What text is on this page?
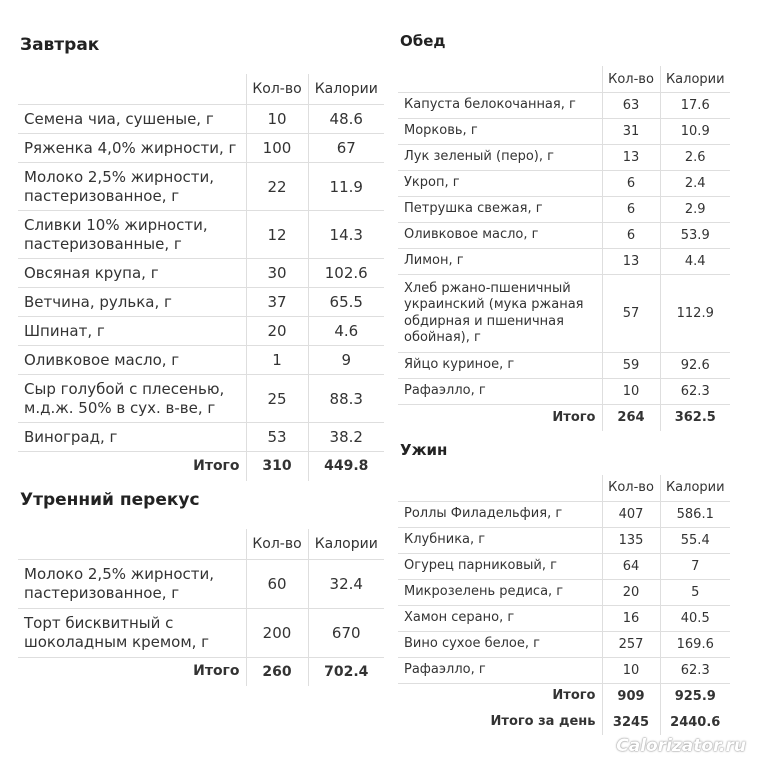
Завтрак
	Кол-во	Калории
Семена чиа, сушеные, г	10	48.6
Ряженка 4,0% жирности, г	100	67
Молоко 2,5% жирности, пастеризованное, г	22	11.9
Сливки 10% жирности, пастеризованные, г	12	14.3
Овсяная крупа, г	30	102.6
Ветчина, рулька, г	37	65.5
Шпинат, г	20	4.6
Оливковое масло, г	1	9
Сыр голубой с плесенью, м.д.ж. 50% в сух. в-ве, г	25	88.3
Виноград, г	53	38.2
Итого	310	449.8
Утренний перекус
	Кол-во	Калории
Молоко 2,5% жирности, пастеризованное, г	60	32.4
Торт бисквитный с шоколадным кремом, г	200	670
Итого	260	702.4
Обед
	Кол-во	Калории
Капуста белокочанная, г	63	17.6
Морковь, г	31	10.9
Лук зеленый (перо), г	13	2.6
Укроп, г	6	2.4
Петрушка свежая, г	6	2.9
Оливковое масло, г	6	53.9
Лимон, г	13	4.4
Хлеб ржано-пшеничный украинский (мука ржаная обдирная и пшеничная обойная), г	57	112.9
Яйцо куриное, г	59	92.6
Рафаэлло, г	10	62.3
Итого	264	362.5
Ужин
	Кол-во	Калории
Роллы Филадельфия, г	407	586.1
Клубника, г	135	55.4
Огурец парниковый, г	64	7
Микрозелень редиса, г	20	5
Хамон серано, г	16	40.5
Вино сухое белое, г	257	169.6
Рафаэлло, г	10	62.3
Итого	909	925.9
Итого за день	3245	2440.6
Calorizator.ru
